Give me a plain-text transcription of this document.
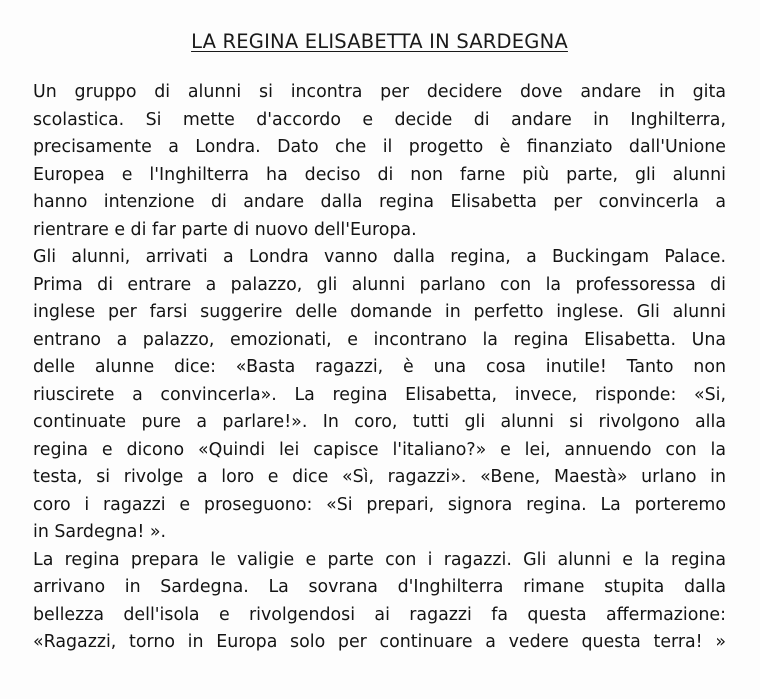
LA REGINA ELISABETTA IN SARDEGNA
Un gruppo di alunni si incontra per decidere dove andare in gita
scolastica. Si mette d'accordo e decide di andare in Inghilterra,
precisamente a Londra. Dato che il progetto è finanziato dall'Unione
Europea e l'Inghilterra ha deciso di non farne più parte, gli alunni
hanno intenzione di andare dalla regina Elisabetta per convincerla a
rientrare e di far parte di nuovo dell'Europa.
Gli alunni, arrivati a Londra vanno dalla regina, a Buckingam Palace.
Prima di entrare a palazzo, gli alunni parlano con la professoressa di
inglese per farsi suggerire delle domande in perfetto inglese. Gli alunni
entrano a palazzo, emozionati, e incontrano la regina Elisabetta. Una
delle alunne dice: «Basta ragazzi, è una cosa inutile! Tanto non
riuscirete a convincerla». La regina Elisabetta, invece, risponde: «Si,
continuate pure a parlare!». In coro, tutti gli alunni si rivolgono alla
regina e dicono «Quindi lei capisce l'italiano?» e lei, annuendo con la
testa, si rivolge a loro e dice «Sì, ragazzi». «Bene, Maestà» urlano in
coro i ragazzi e proseguono: «Si prepari, signora regina. La porteremo
in Sardegna! ».
La regina prepara le valigie e parte con i ragazzi. Gli alunni e la regina
arrivano in Sardegna. La sovrana d'Inghilterra rimane stupita dalla
bellezza dell'isola e rivolgendosi ai ragazzi fa questa affermazione:
«Ragazzi, torno in Europa solo per continuare a vedere questa terra! »
